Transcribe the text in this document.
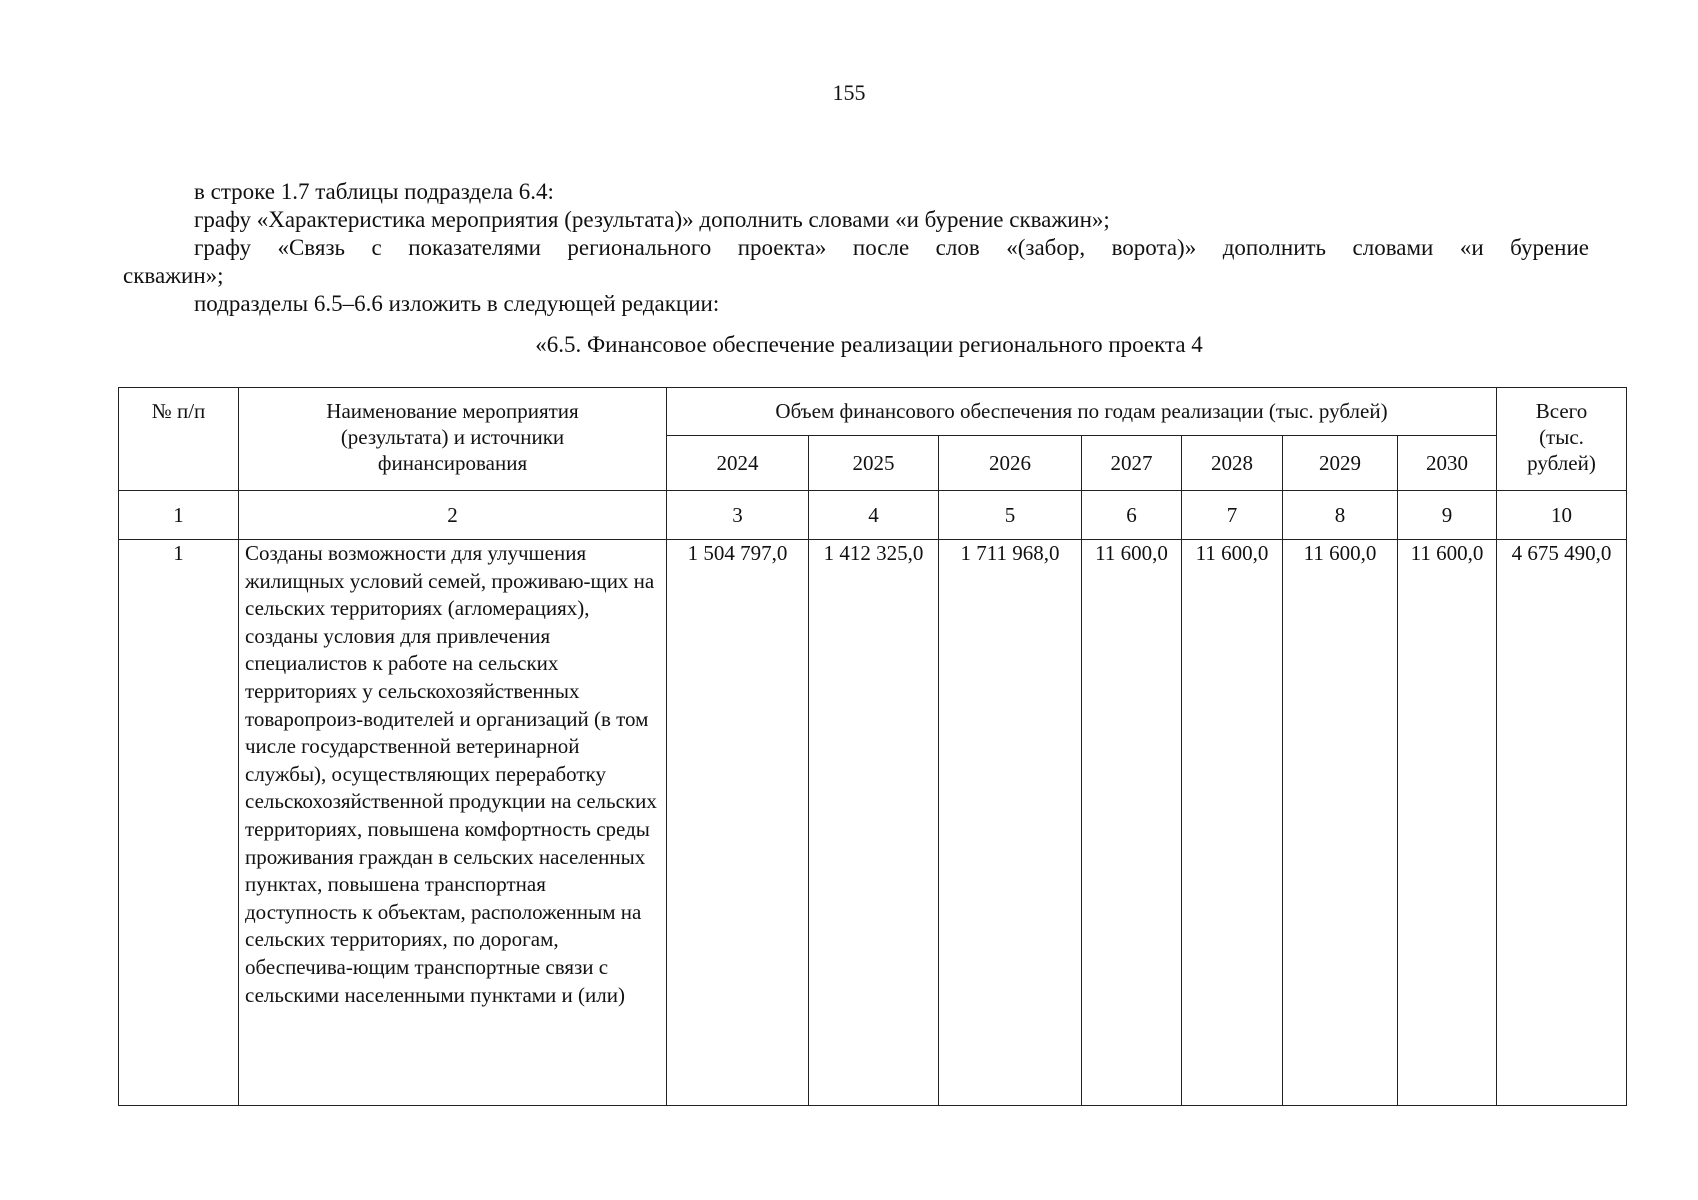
155

в строке 1.7 таблицы подраздела 6.4:

графу «Характеристика мероприятия (результата)» дополнить словами «и бурение скважин»;

графу «Связь с показателями регионального проекта» после слов «(забор, ворота)» дополнить словами «и бурение

скважин»;

подразделы 6.5–6.6 изложить в следующей редакции:

«6.5. Финансовое обеспечение реализации регионального проекта 4
№ п/п	Наименование мероприятия (результата) и источники финансирования	Объем финансового обеспечения по годам реализации (тыс. рублей)							Всего (тыс. рублей)
		2024	2025	2026	2027	2028	2029	2030	
1	2	3	4	5	6	7	8	9	10
1	Созданы возможности для улучшения жилищных условий семей, проживаю-щих на сельских территориях (агломерациях), созданы условия для привлечения специалистов к работе на сельских территориях у сельскохозяйственных товаропроиз-водителей и организаций (в том числе государственной ветеринарной службы), осуществляющих переработку сельскохозяйственной продукции на сельских территориях, повышена комфортность среды проживания граждан в сельских населенных пунктах, повышена транспортная доступность к объектам, расположенным на сельских территориях, по дорогам, обеспечива-ющим транспортные связи с сельскими населенными пунктами и (или)	1 504 797,0	1 412 325,0	1 711 968,0	11 600,0	11 600,0	11 600,0	11 600,0	4 675 490,0
